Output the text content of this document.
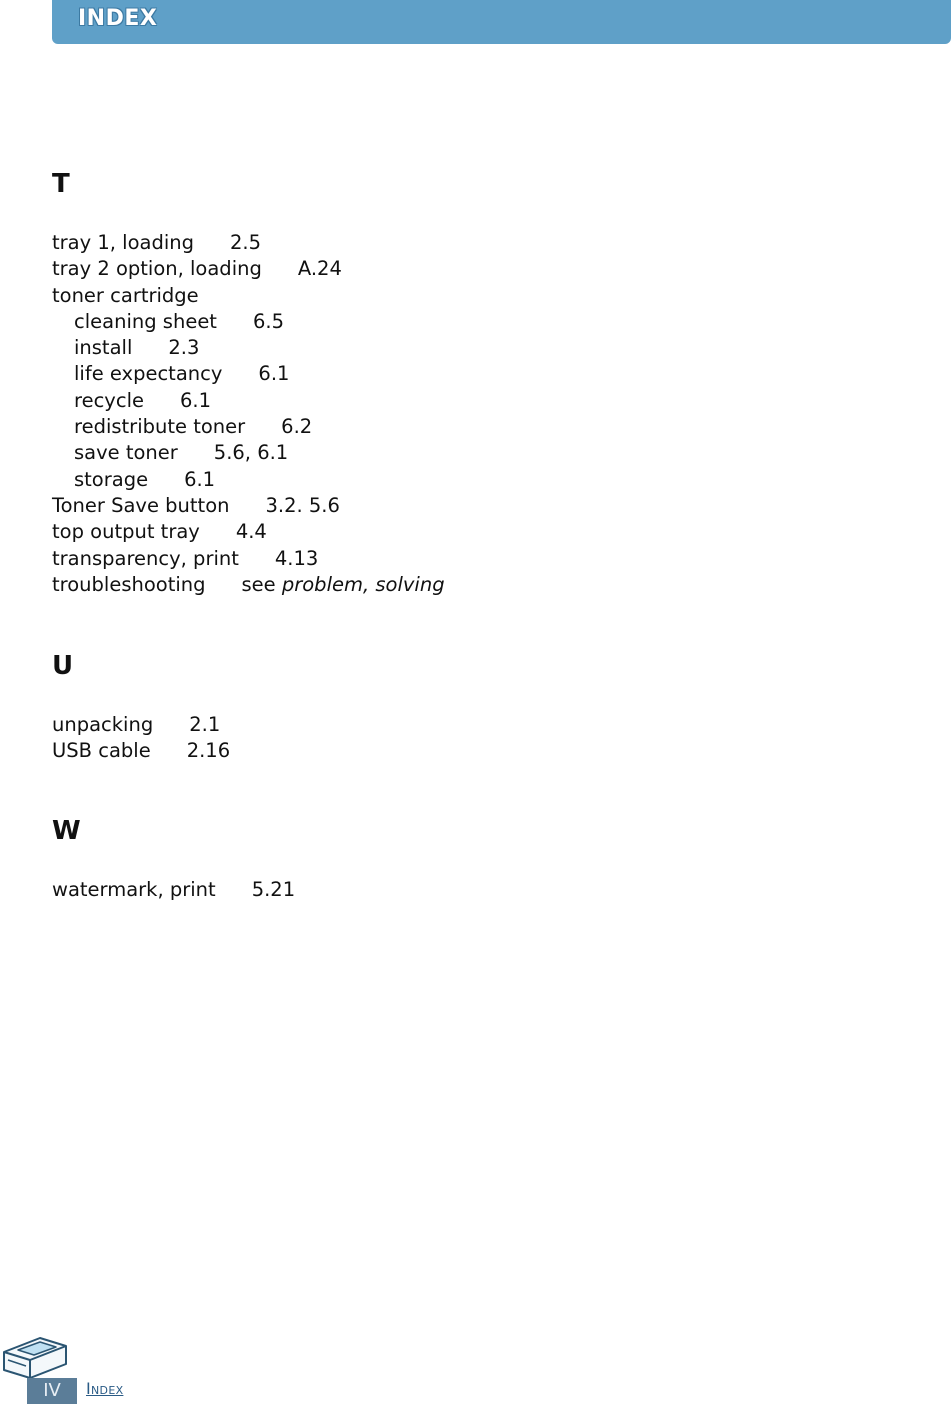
INDEX
T
tray 1, loading 2.5
tray 2 option, loading A.24
toner cartridge
cleaning sheet 6.5
install 2.3
life expectancy 6.1
recycle 6.1
redistribute toner 6.2
save toner 5.6, 6.1
storage 6.1
Toner Save button 3.2. 5.6
top output tray 4.4
transparency, print 4.13
troubleshooting see problem, solving
U
unpacking 2.1
USB cable 2.16
W
watermark, print 5.21
IV	Index
